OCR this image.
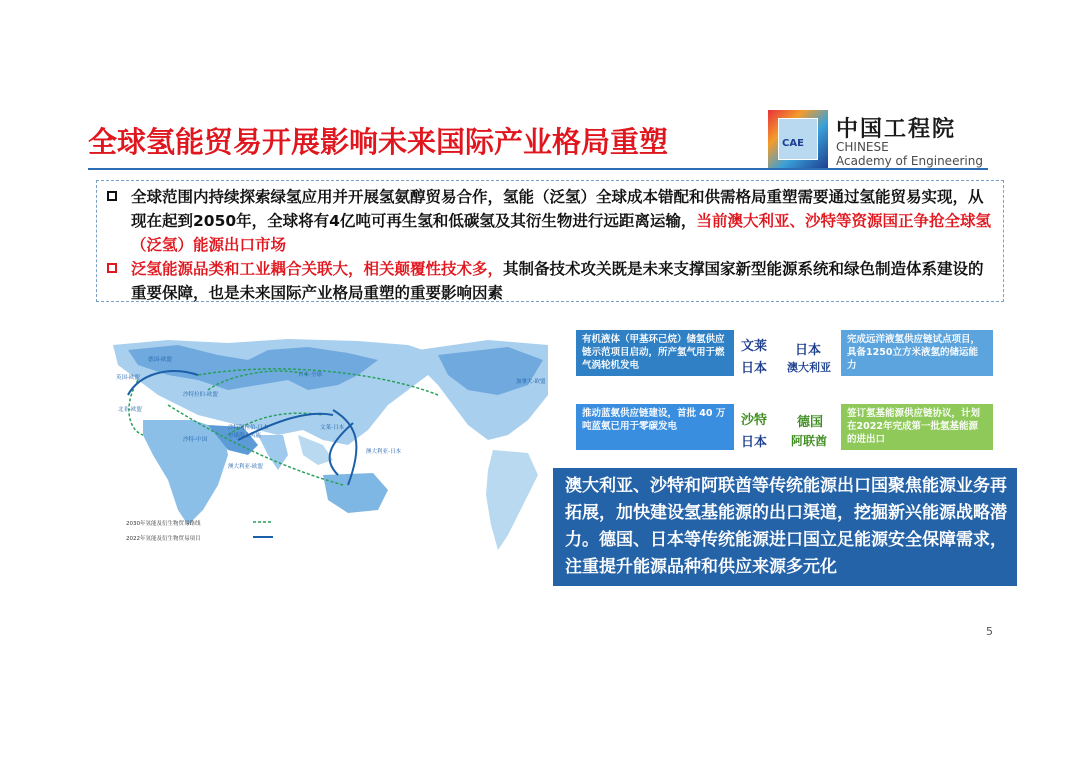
全球氢能贸易开展影响未来国际产业格局重塑	CAE
中国工程院
CHINESE
Academy of Engineering
全球范围内持续探索绿氢应用并开展氢氨醇贸易合作，氢能（泛氢）全球成本错配和供需格局重塑需要通过氢能贸易实现，从现在起到2050年，全球将有4亿吨可再生氢和低碳氢及其衍生物进行远距离运输，当前澳大利亚、沙特等资源国正争抢全球氢（泛氢）能源出口市场
泛氢能源品类和工业耦合关联大，相关颠覆性技术多，其制备技术攻关既是未来支撑国家新型能源系统和绿色制造体系建设的重要保障，也是未来国际产业格局重塑的重要影响因素
德国-欧盟
英国-欧盟
北非-欧盟
沙特-中国
沙特拉伯-欧盟
沙特阿拉伯-日本
全球海上风能
澳大利亚-欧盟
文莱-日本
日本-全球
澳大利亚-日本
加拿大-欧盟
2030年氢能及衍生物贸易路线
2022年氢能及衍生物贸易项目
有机液体（甲基环己烷）储氢供应链示范项目启动，所产氢气用于燃气涡轮机发电
文莱
日本
日本
澳大利亚
完成远洋液氢供应链试点项目，具备1250立方米液氢的储运能力
推动蓝氨供应链建设，首批 40 万吨蓝氨已用于零碳发电	沙特
日本
德国
阿联酋
签订氢基能源供应链协议，计划在2022年完成第一批氢基能源的进出口
澳大利亚、沙特和阿联酋等传统能源出口国聚焦能源业务再拓展，加快建设氢基能源的出口渠道，挖掘新兴能源战略潜力。德国、日本等传统能源进口国立足能源安全保障需求，注重提升能源品种和供应来源多元化
5
